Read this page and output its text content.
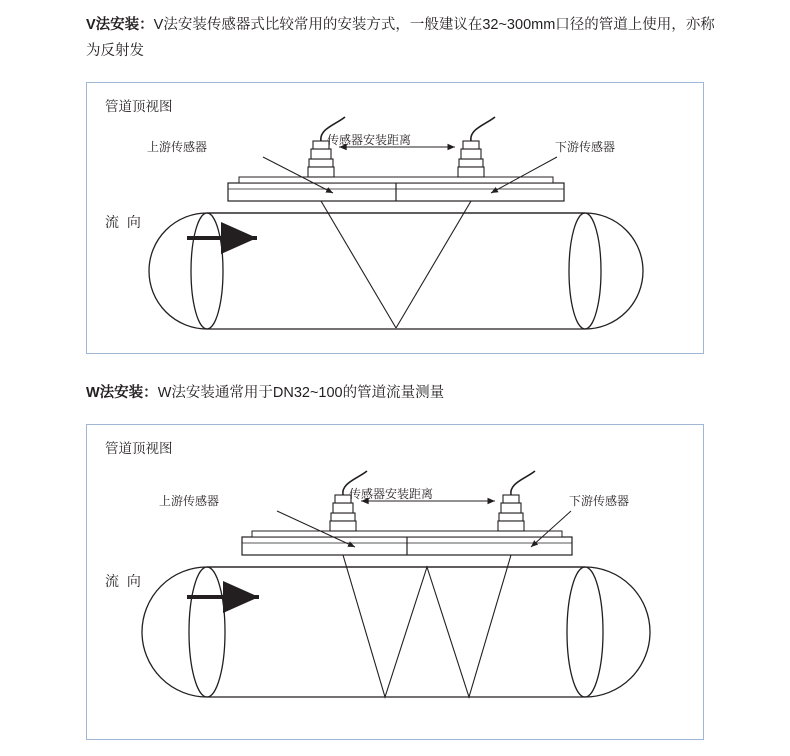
V法安装：V法安装传感器式比较常用的安装方式，一般建议在32~300mm口径的管道上使用，亦称为反射发
管道顶视图
上游传感器	传感器安装距离	下游传感器
流 向
W法安装：W法安装通常用于DN32~100的管道流量测量
管道顶视图
上游传感器	传感器安装距离	下游传感器
流 向
